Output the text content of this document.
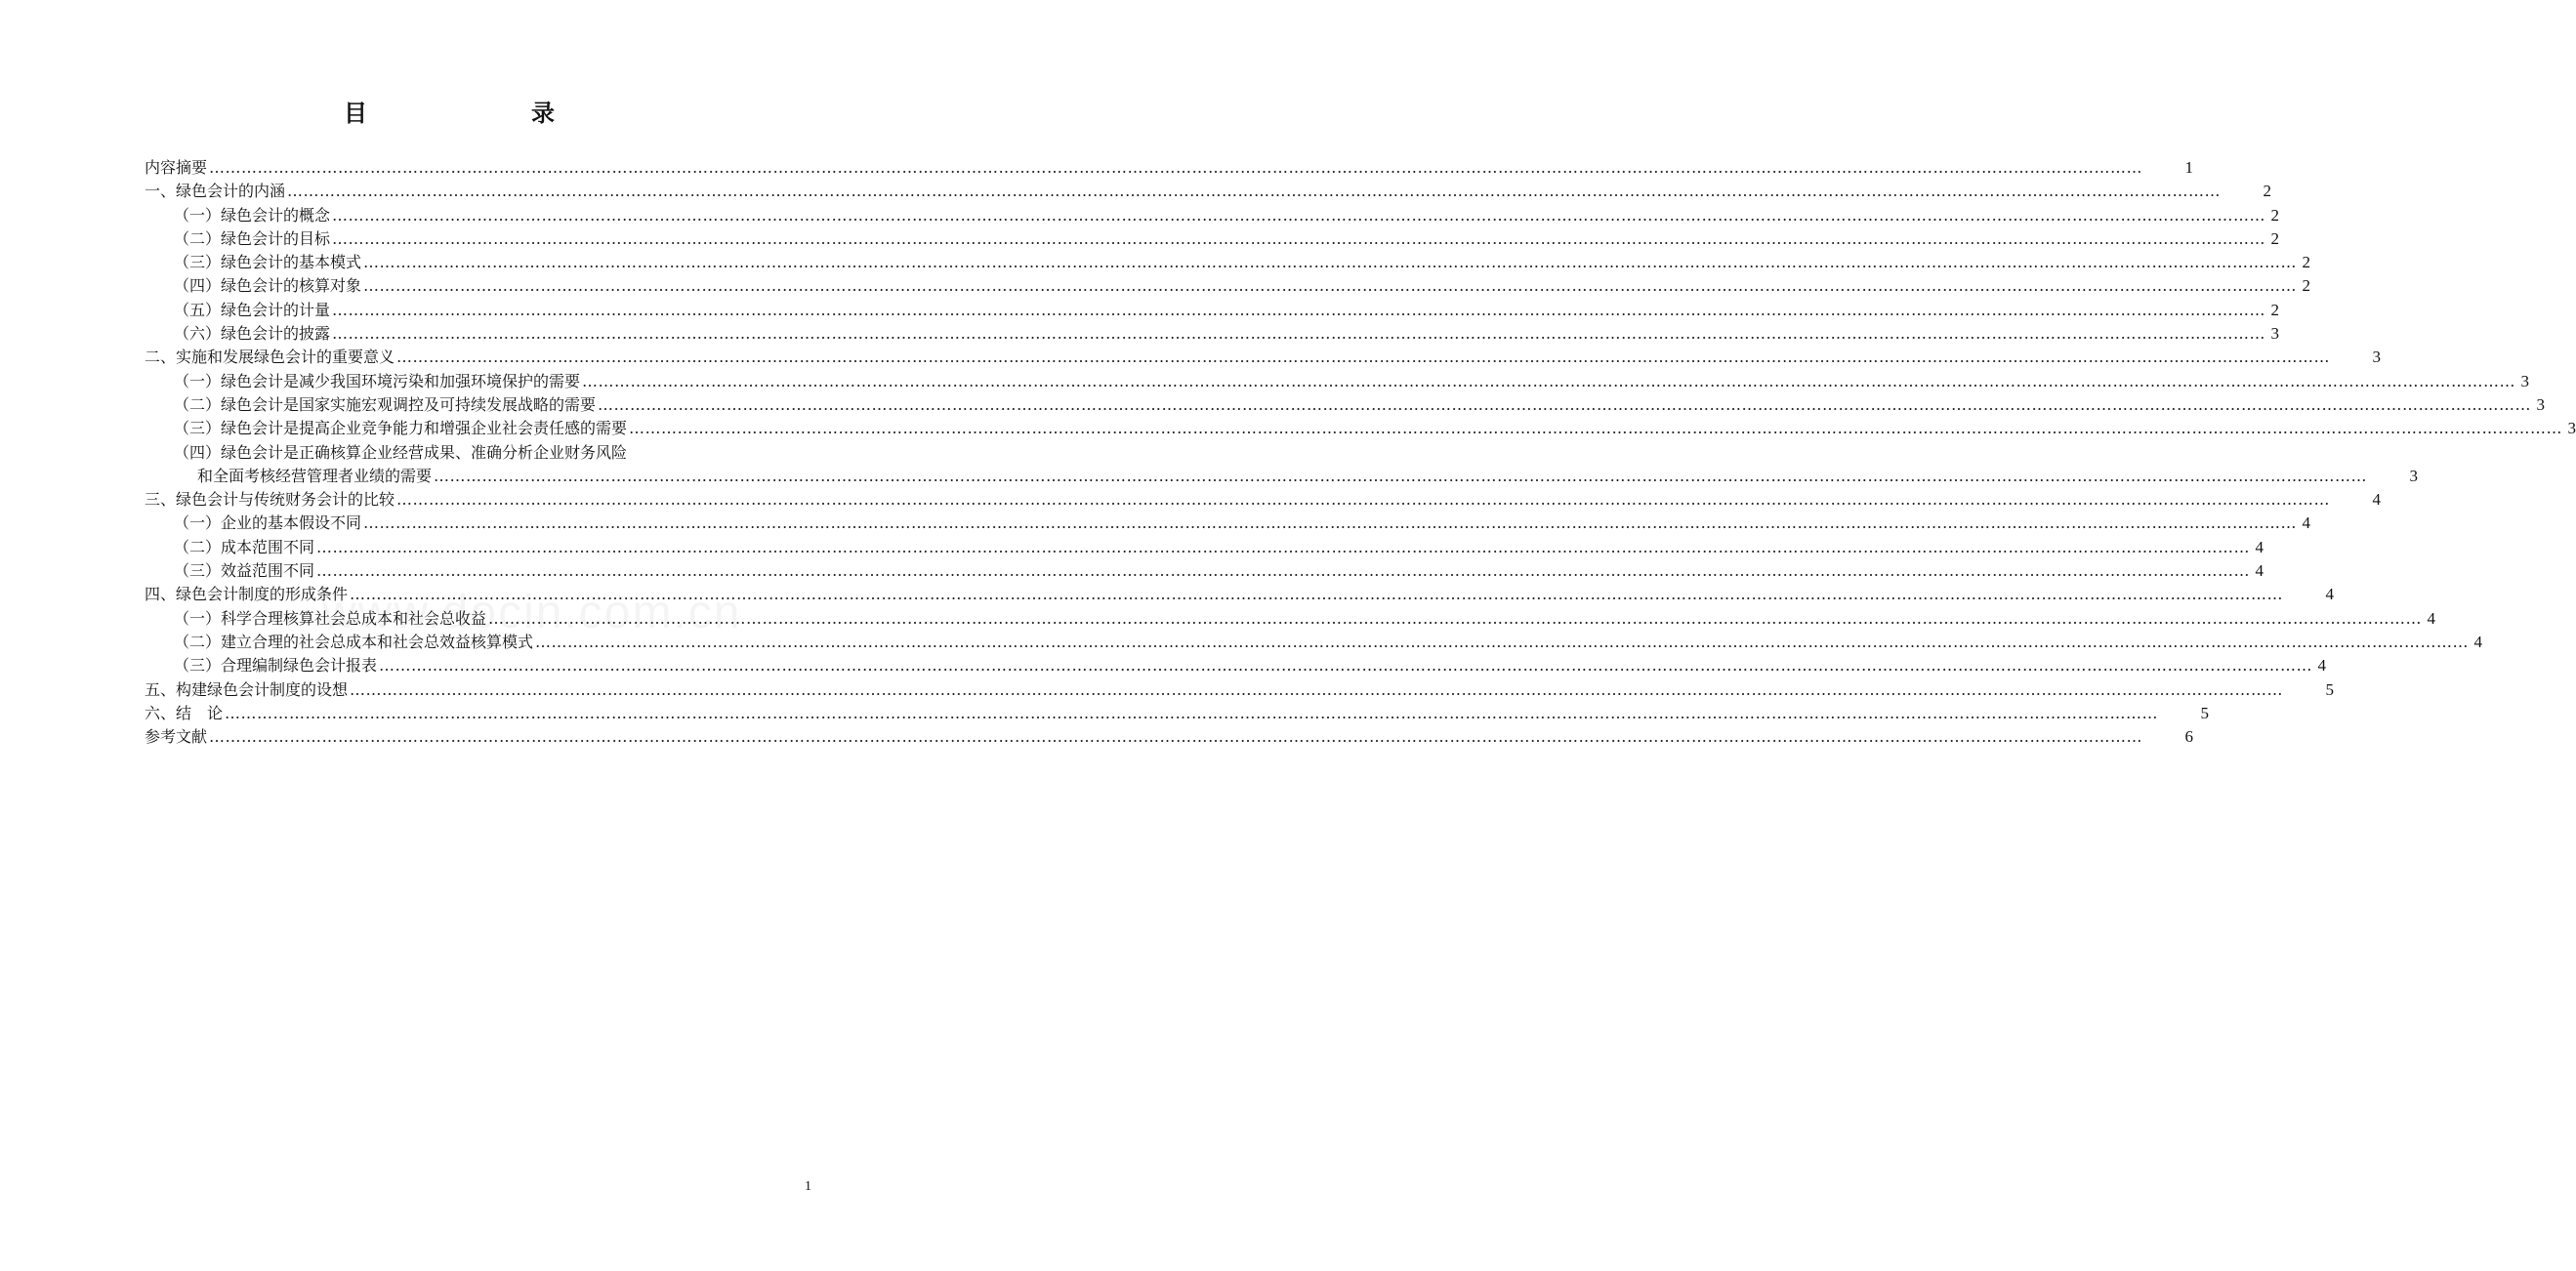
目　　录
内容摘要 ………………………………………………………………………………………………………………………………………………………………………………………………………………………………………………………………………………………………………………………………	1
一、绿色会计的内涵 ………………………………………………………………………………………………………………………………………………………………………………………………………………………………………………………………………………………………………………………………	2
（一）绿色会计的概念 ……………………………………………………………………………………………………………………………………………………………………………………………………………………………………………………………………………………………………………………………… 2
（二）绿色会计的目标 ……………………………………………………………………………………………………………………………………………………………………………………………………………………………………………………………………………………………………………………………… 2
（三）绿色会计的基本模式 ……………………………………………………………………………………………………………………………………………………………………………………………………………………………………………………………………………………………………………………………… 2
（四）绿色会计的核算对象 ……………………………………………………………………………………………………………………………………………………………………………………………………………………………………………………………………………………………………………………………… 2
（五）绿色会计的计量 ……………………………………………………………………………………………………………………………………………………………………………………………………………………………………………………………………………………………………………………………… 2
（六）绿色会计的披露 ……………………………………………………………………………………………………………………………………………………………………………………………………………………………………………………………………………………………………………………………… 3
二、实施和发展绿色会计的重要意义 ………………………………………………………………………………………………………………………………………………………………………………………………………………………………………………………………………………………………………………………………	3
（一）绿色会计是减少我国环境污染和加强环境保护的需要 ……………………………………………………………………………………………………………………………………………………………………………………………………………………………………………………………………………………………………………………………… 3
（二）绿色会计是国家实施宏观调控及可持续发展战略的需要 ……………………………………………………………………………………………………………………………………………………………………………………………………………………………………………………………………………………………………………………………… 3
（三）绿色会计是提高企业竞争能力和增强企业社会责任感的需要 ……………………………………………………………………………………………………………………………………………………………………………………………………………………………………………………………………………………………………………………………… 3
（四）绿色会计是正确核算企业经营成果、准确分析企业财务风险
和全面考核经营管理者业绩的需要 ………………………………………………………………………………………………………………………………………………………………………………………………………………………………………………………………………………………………………………………………	3
三、绿色会计与传统财务会计的比较 ………………………………………………………………………………………………………………………………………………………………………………………………………………………………………………………………………………………………………………………………	4
（一）企业的基本假设不同 ……………………………………………………………………………………………………………………………………………………………………………………………………………………………………………………………………………………………………………………………… 4
（二）成本范围不同 ……………………………………………………………………………………………………………………………………………………………………………………………………………………………………………………………………………………………………………………………… 4
（三）效益范围不同 ……………………………………………………………………………………………………………………………………………………………………………………………………………………………………………………………………………………………………………………………… 4
四、绿色会计制度的形成条件 ………………………………………………………………………………………………………………………………………………………………………………………………………………………………………………………………………………………………………………………………	4
（一）科学合理核算社会总成本和社会总收益 ……………………………………………………………………………………………………………………………………………………………………………………………………………………………………………………………………………………………………………………………… 4
（二）建立合理的社会总成本和社会总效益核算模式 ……………………………………………………………………………………………………………………………………………………………………………………………………………………………………………………………………………………………………………………………… 4
（三）合理编制绿色会计报表 ……………………………………………………………………………………………………………………………………………………………………………………………………………………………………………………………………………………………………………………………… 4
五、构建绿色会计制度的设想 ………………………………………………………………………………………………………………………………………………………………………………………………………………………………………………………………………………………………………………………………	5
六、结　论 ………………………………………………………………………………………………………………………………………………………………………………………………………………………………………………………………………………………………………………………………	5
参考文献 ………………………………………………………………………………………………………………………………………………………………………………………………………………………………………………………………………………………………………………………………	6
1
